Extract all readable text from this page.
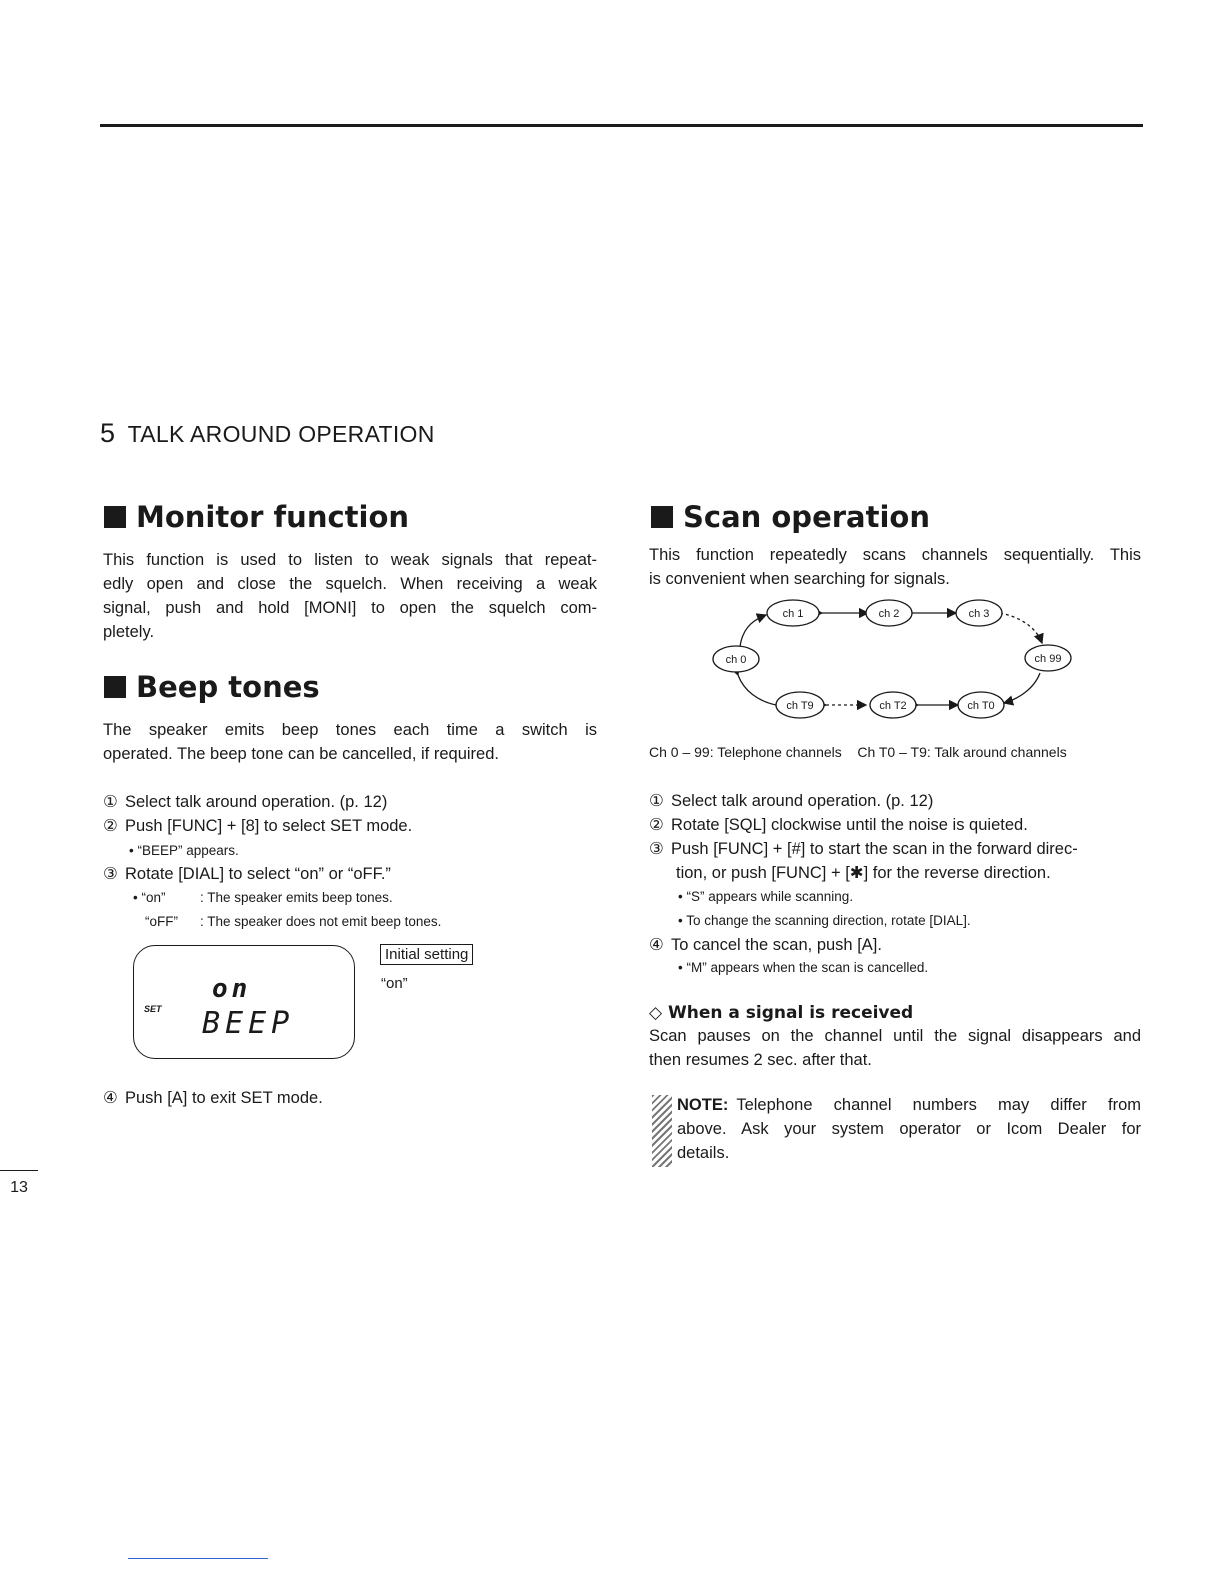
5 TALK AROUND OPERATION
Monitor function
This function is used to listen to weak signals that repeat-
edly open and close the squelch. When receiving a weak
signal, push and hold [MONI] to open the squelch com-
pletely.
Beep tones
The speaker emits beep tones each time a switch is
operated. The beep tone can be cancelled, if required.
① Select talk around operation. (p. 12)
② Push [FUNC] + [8] to select SET mode.
• “BEEP” appears.
③ Rotate [DIAL] to select “on” or “oFF.”
• “on”	: The speaker emits beep tones.
“oFF” : The speaker does not emit beep tones.
on
SET BEEP
Initial setting
“on”
④ Push [A] to exit SET mode.
Scan operation
This function repeatedly scans channels sequentially. This
is convenient when searching for signals.
ch 0
ch 1	ch 2	ch 3
ch 99
ch T9	ch T2	ch T0
Ch 0 – 99: Telephone channels    Ch T0 – T9: Talk around channels
① Select talk around operation. (p. 12)
② Rotate [SQL] clockwise until the noise is quieted.
③ Push [FUNC] + [#] to start the scan in the forward direc-
tion, or push [FUNC] + [✱] for the reverse direction.
• “S” appears while scanning.
• To change the scanning direction, rotate [DIAL].
④ To cancel the scan, push [A].
• “M” appears when the scan is cancelled.
◇ When a signal is received
Scan pauses on the channel until the signal disappears and
then resumes 2 sec. after that.
NOTE: Telephone channel numbers may differ from
above. Ask your system operator or Icom Dealer for
details.
13
